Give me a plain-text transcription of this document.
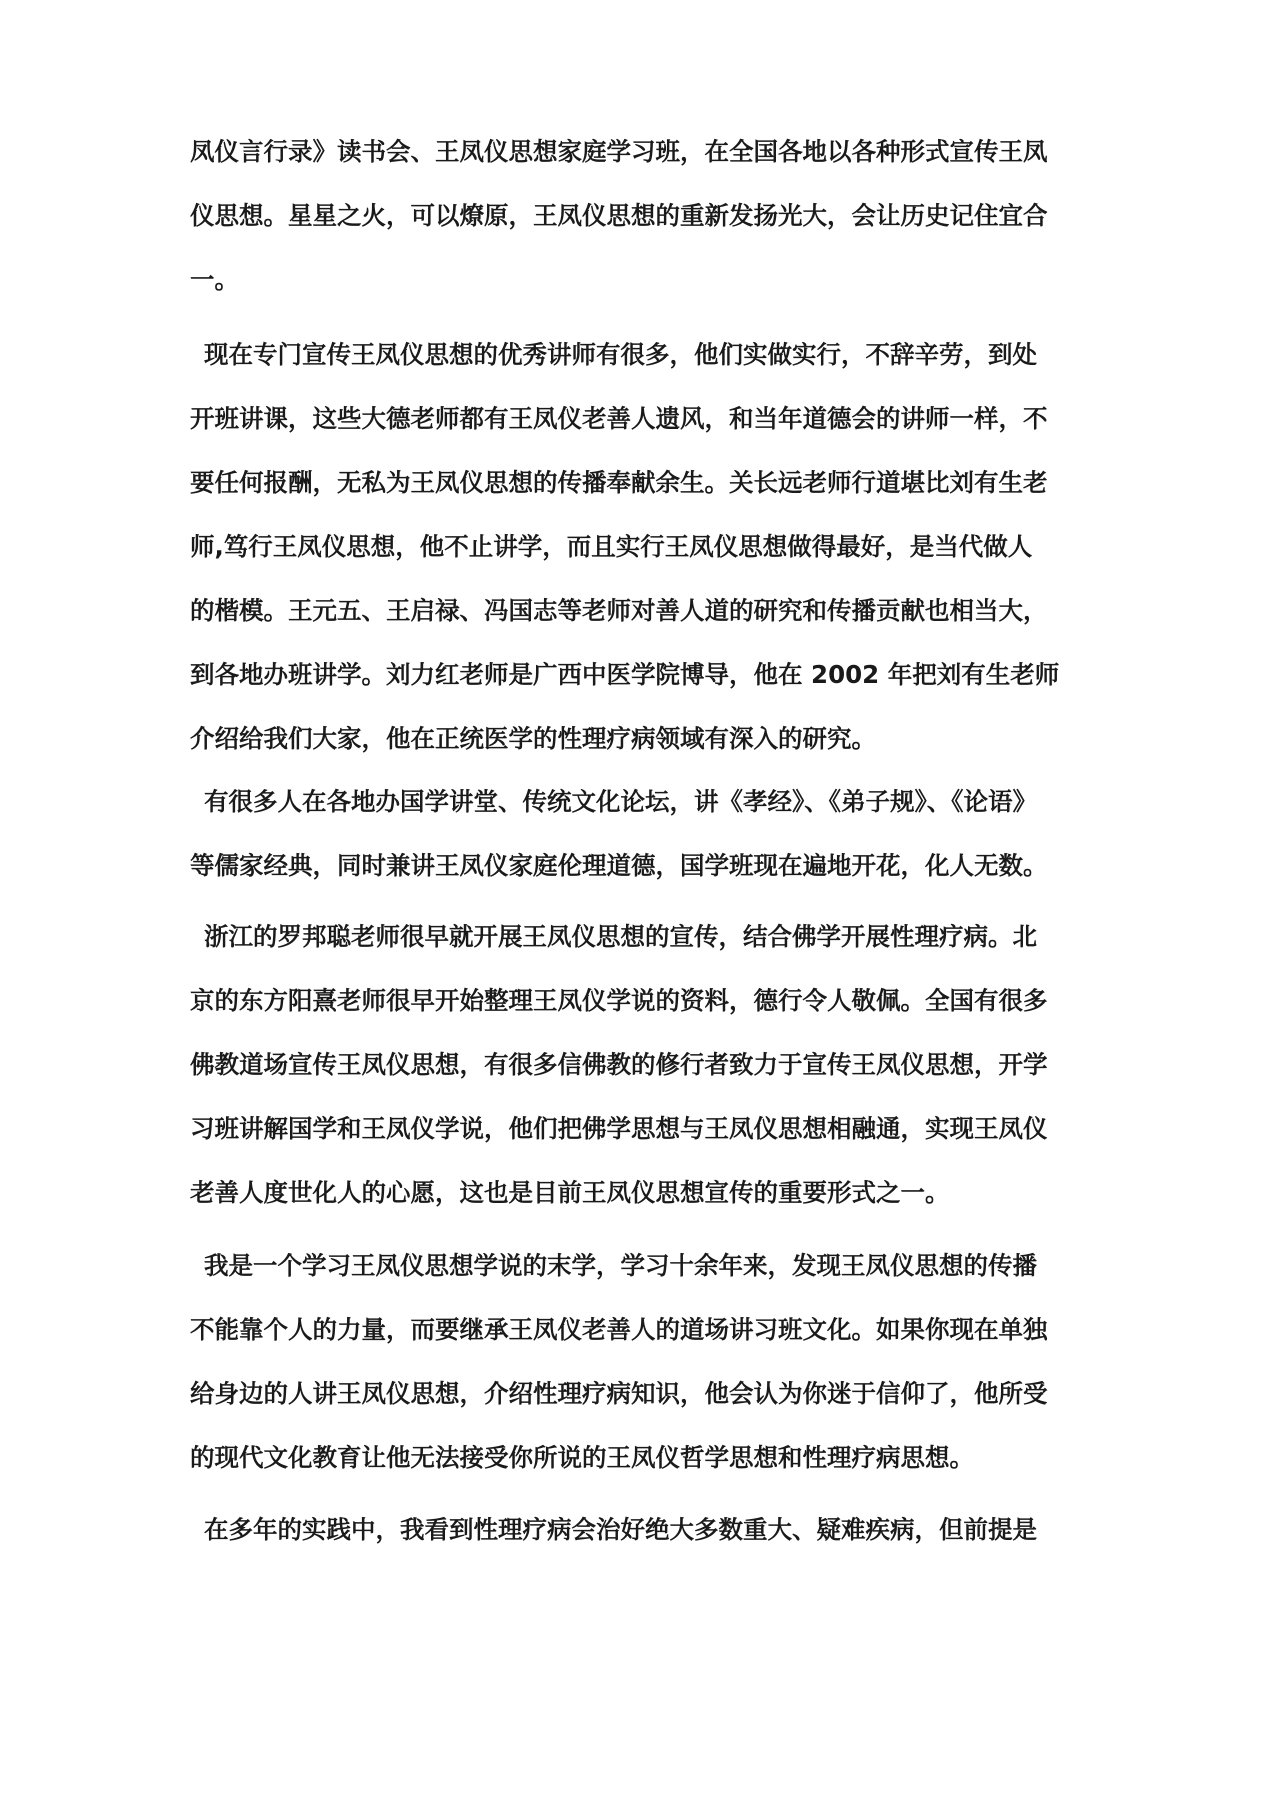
凤仪言行录》读书会、王凤仪思想家庭学习班，在全国各地以各种形式宣传王凤
仪思想。星星之火，可以燎原，王凤仪思想的重新发扬光大，会让历史记住宜合
一。
现在专门宣传王凤仪思想的优秀讲师有很多，他们实做实行，不辞辛劳，到处
开班讲课，这些大德老师都有王凤仪老善人遗风，和当年道德会的讲师一样，不
要任何报酬，无私为王凤仪思想的传播奉献余生。关长远老师行道堪比刘有生老
师,笃行王凤仪思想，他不止讲学，而且实行王凤仪思想做得最好，是当代做人
的楷模。王元五、王启禄、冯国志等老师对善人道的研究和传播贡献也相当大，
到各地办班讲学。刘力红老师是广西中医学院博导，他在 2002 年把刘有生老师
介绍给我们大家，他在正统医学的性理疗病领域有深入的研究。
有很多人在各地办国学讲堂、传统文化论坛，讲《孝经》、《弟子规》、《论语》
等儒家经典，同时兼讲王凤仪家庭伦理道德，国学班现在遍地开花，化人无数。
浙江的罗邦聪老师很早就开展王凤仪思想的宣传，结合佛学开展性理疗病。北
京的东方阳熹老师很早开始整理王凤仪学说的资料，德行令人敬佩。全国有很多
佛教道场宣传王凤仪思想，有很多信佛教的修行者致力于宣传王凤仪思想，开学
习班讲解国学和王凤仪学说，他们把佛学思想与王凤仪思想相融通，实现王凤仪
老善人度世化人的心愿，这也是目前王凤仪思想宣传的重要形式之一。
我是一个学习王凤仪思想学说的末学，学习十余年来，发现王凤仪思想的传播
不能靠个人的力量，而要继承王凤仪老善人的道场讲习班文化。如果你现在单独
给身边的人讲王凤仪思想，介绍性理疗病知识，他会认为你迷于信仰了，他所受
的现代文化教育让他无法接受你所说的王凤仪哲学思想和性理疗病思想。
在多年的实践中，我看到性理疗病会治好绝大多数重大、疑难疾病，但前提是
